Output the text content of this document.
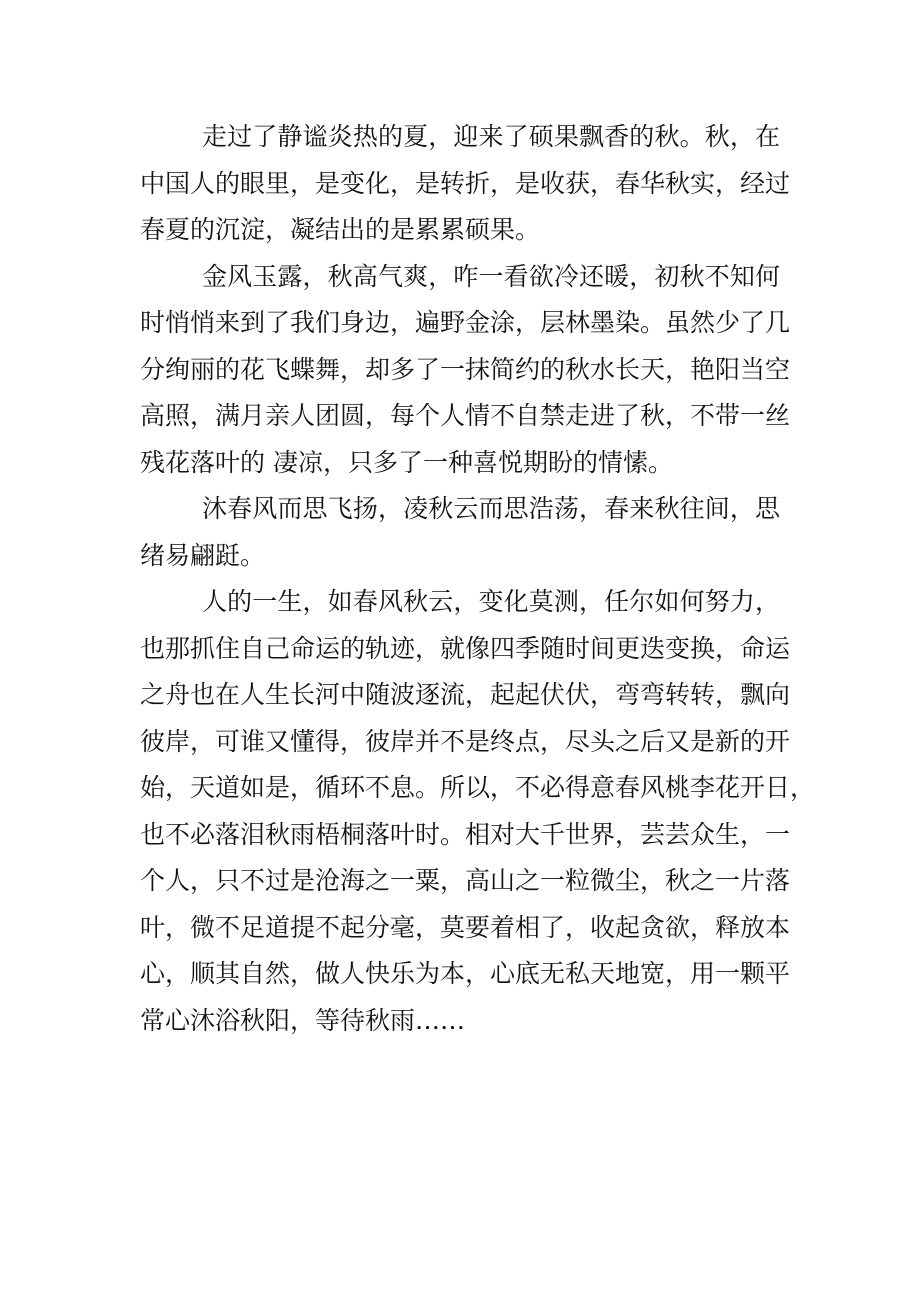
走过了静谧炎热的夏，迎来了硕果飘香的秋。秋，在
中国人的眼里，是变化，是转折，是收获，春华秋实，经过
春夏的沉淀，凝结出的是累累硕果。
金风玉露，秋高气爽，咋一看欲冷还暖，初秋不知何
时悄悄来到了我们身边，遍野金涂，层林墨染。虽然少了几
分绚丽的花飞蝶舞，却多了一抹简约的秋水长天，艳阳当空
高照，满月亲人团圆，每个人情不自禁走进了秋，不带一丝
残花落叶的 凄凉，只多了一种喜悦期盼的情愫。
沐春风而思飞扬，凌秋云而思浩荡，春来秋往间，思
绪易翩跹。
人的一生，如春风秋云，变化莫测，任尔如何努力，
也那抓住自己命运的轨迹，就像四季随时间更迭变换，命运
之舟也在人生长河中随波逐流，起起伏伏，弯弯转转，飘向
彼岸，可谁又懂得，彼岸并不是终点，尽头之后又是新的开
始，天道如是，循环不息。所以，不必得意春风桃李花开日，
也不必落泪秋雨梧桐落叶时。相对大千世界，芸芸众生，一
个人，只不过是沧海之一粟，高山之一粒微尘，秋之一片落
叶，微不足道提不起分毫，莫要着相了，收起贪欲，释放本
心，顺其自然，做人快乐为本，心底无私天地宽，用一颗平
常心沐浴秋阳，等待秋雨……
